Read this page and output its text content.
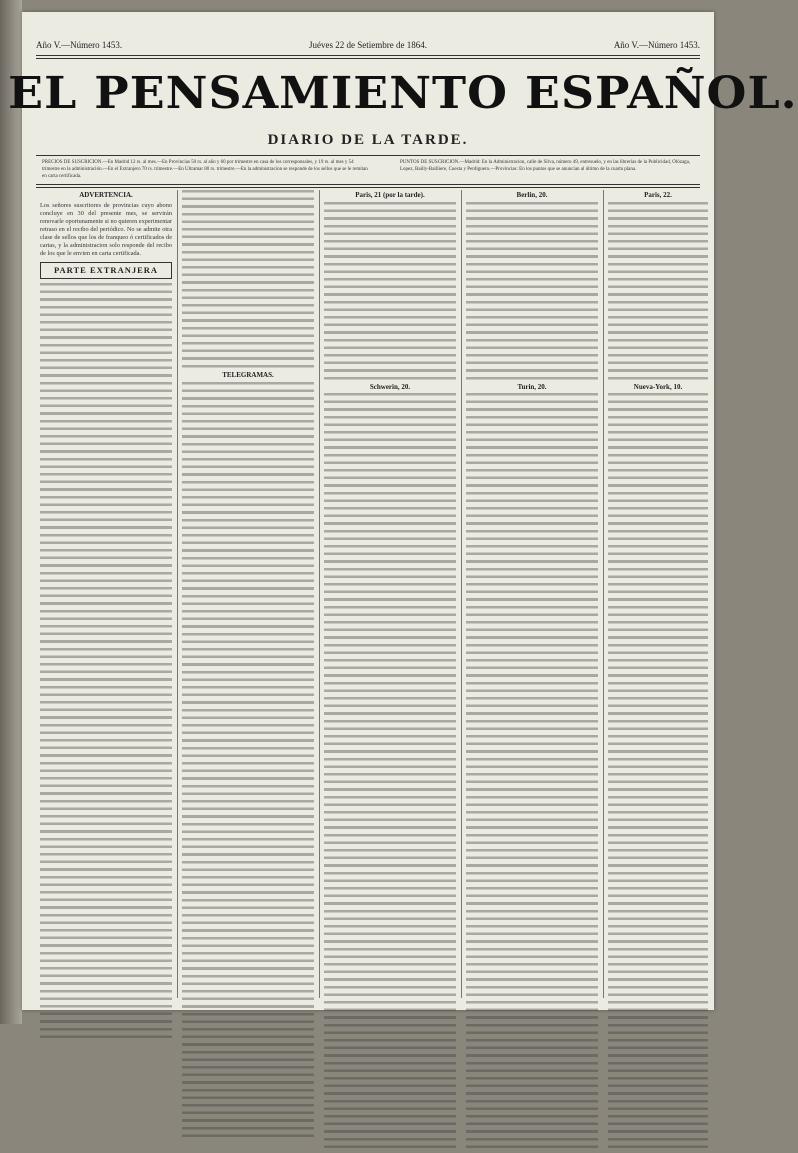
Año V.—Número 1453.	Juéves 22 de Setiembre de 1864.	Año V.—Número 1453.
EL PENSAMIENTO ESPAÑOL.
DIARIO DE LA TARDE.
PRECIOS DE SUSCRICION.—En Madrid 12 rs. al mes.—En Provincias 50 rs. al año y 60 por trimestre en casa de los corresponsales, y 19 rs. al mes y 54 trimestre en la administración.—En el Extranjero 70 rs. trimestre.—En Ultramar 80 rs. trimestre.—En la administracion se responde de los sellos que se le remitan en carta certificada.
PUNTOS DE SUSCRICION.—Madrid: En la Administracion, calle de Silva, número 49, entresuelo, y en las librerías de la Publicidad, Olózaga, Lopez, Bailly-Bailliere, Cuesta y Perdiguero.—Provincias: En los puntos que se anuncian al último de la cuarta plana.
ADVERTENCIA.
Los señores suscritores de provincias cuyo abono concluye en 30 del presente mes, se servirán renovarle oportunamente si no quieren experimentar retraso en el recibo del periódico. No se admite otra clase de sellos que los de franqueo ó certificados de cartas, y la administracion solo responde del recibo de los que le envien en carta certificada.
PARTE EXTRANJERA
TELEGRAMAS.
Paris, 21 (por la tarde).
Schwerin, 20.
Berlin, 20.
Turin, 20.
Paris, 22.
Nueva-York, 10.
